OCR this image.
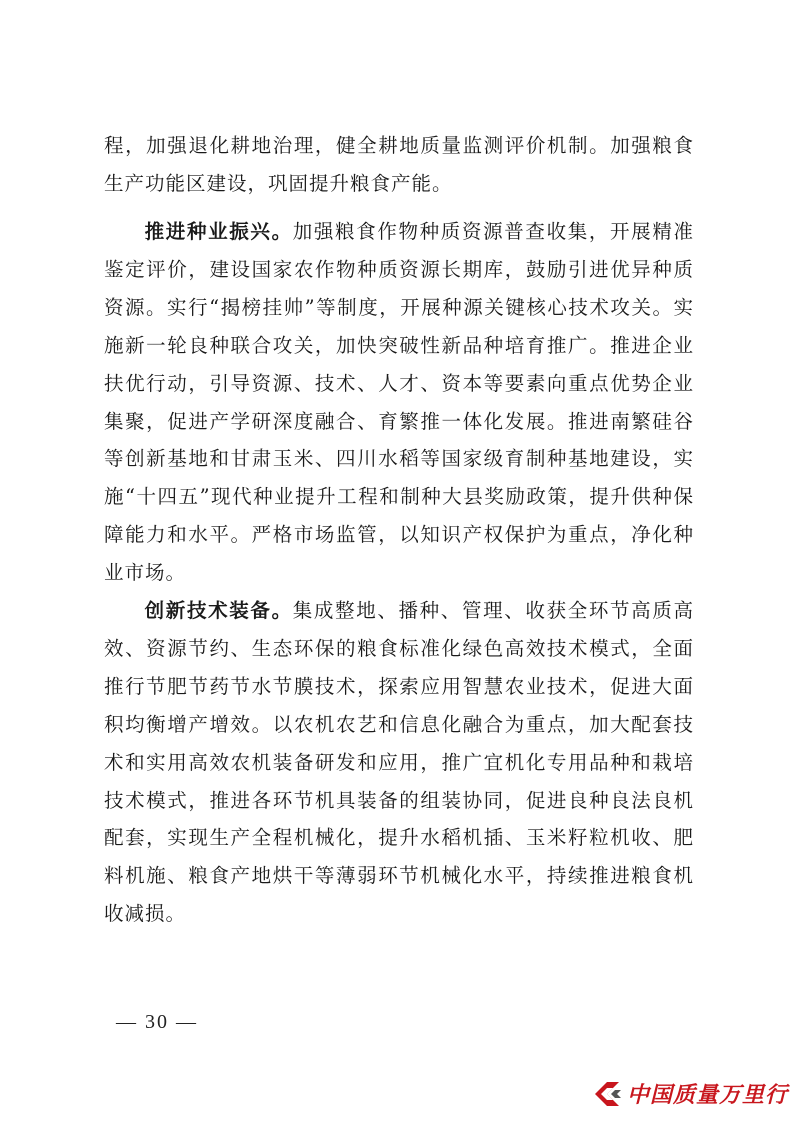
程，加强退化耕地治理，健全耕地质量监测评价机制。加强粮食生产功能区建设，巩固提升粮食产能。

推进种业振兴。加强粮食作物种质资源普查收集，开展精准鉴定评价，建设国家农作物种质资源长期库，鼓励引进优异种质资源。实行“揭榜挂帅”等制度，开展种源关键核心技术攻关。实施新一轮良种联合攻关，加快突破性新品种培育推广。推进企业扶优行动，引导资源、技术、人才、资本等要素向重点优势企业集聚，促进产学研深度融合、育繁推一体化发展。推进南繁硅谷等创新基地和甘肃玉米、四川水稻等国家级育制种基地建设，实施“十四五”现代种业提升工程和制种大县奖励政策，提升供种保障能力和水平。严格市场监管，以知识产权保护为重点，净化种业市场。

创新技术装备。集成整地、播种、管理、收获全环节高质高效、资源节约、生态环保的粮食标准化绿色高效技术模式，全面推行节肥节药节水节膜技术，探索应用智慧农业技术，促进大面积均衡增产增效。以农机农艺和信息化融合为重点，加大配套技术和实用高效农机装备研发和应用，推广宜机化专用品种和栽培技术模式，推进各环节机具装备的组装协同，促进良种良法良机配套，实现生产全程机械化，提升水稻机插、玉米籽粒机收、肥料机施、粮食产地烘干等薄弱环节机械化水平，持续推进粮食机收减损。

— 30 —
中国质量万里行
